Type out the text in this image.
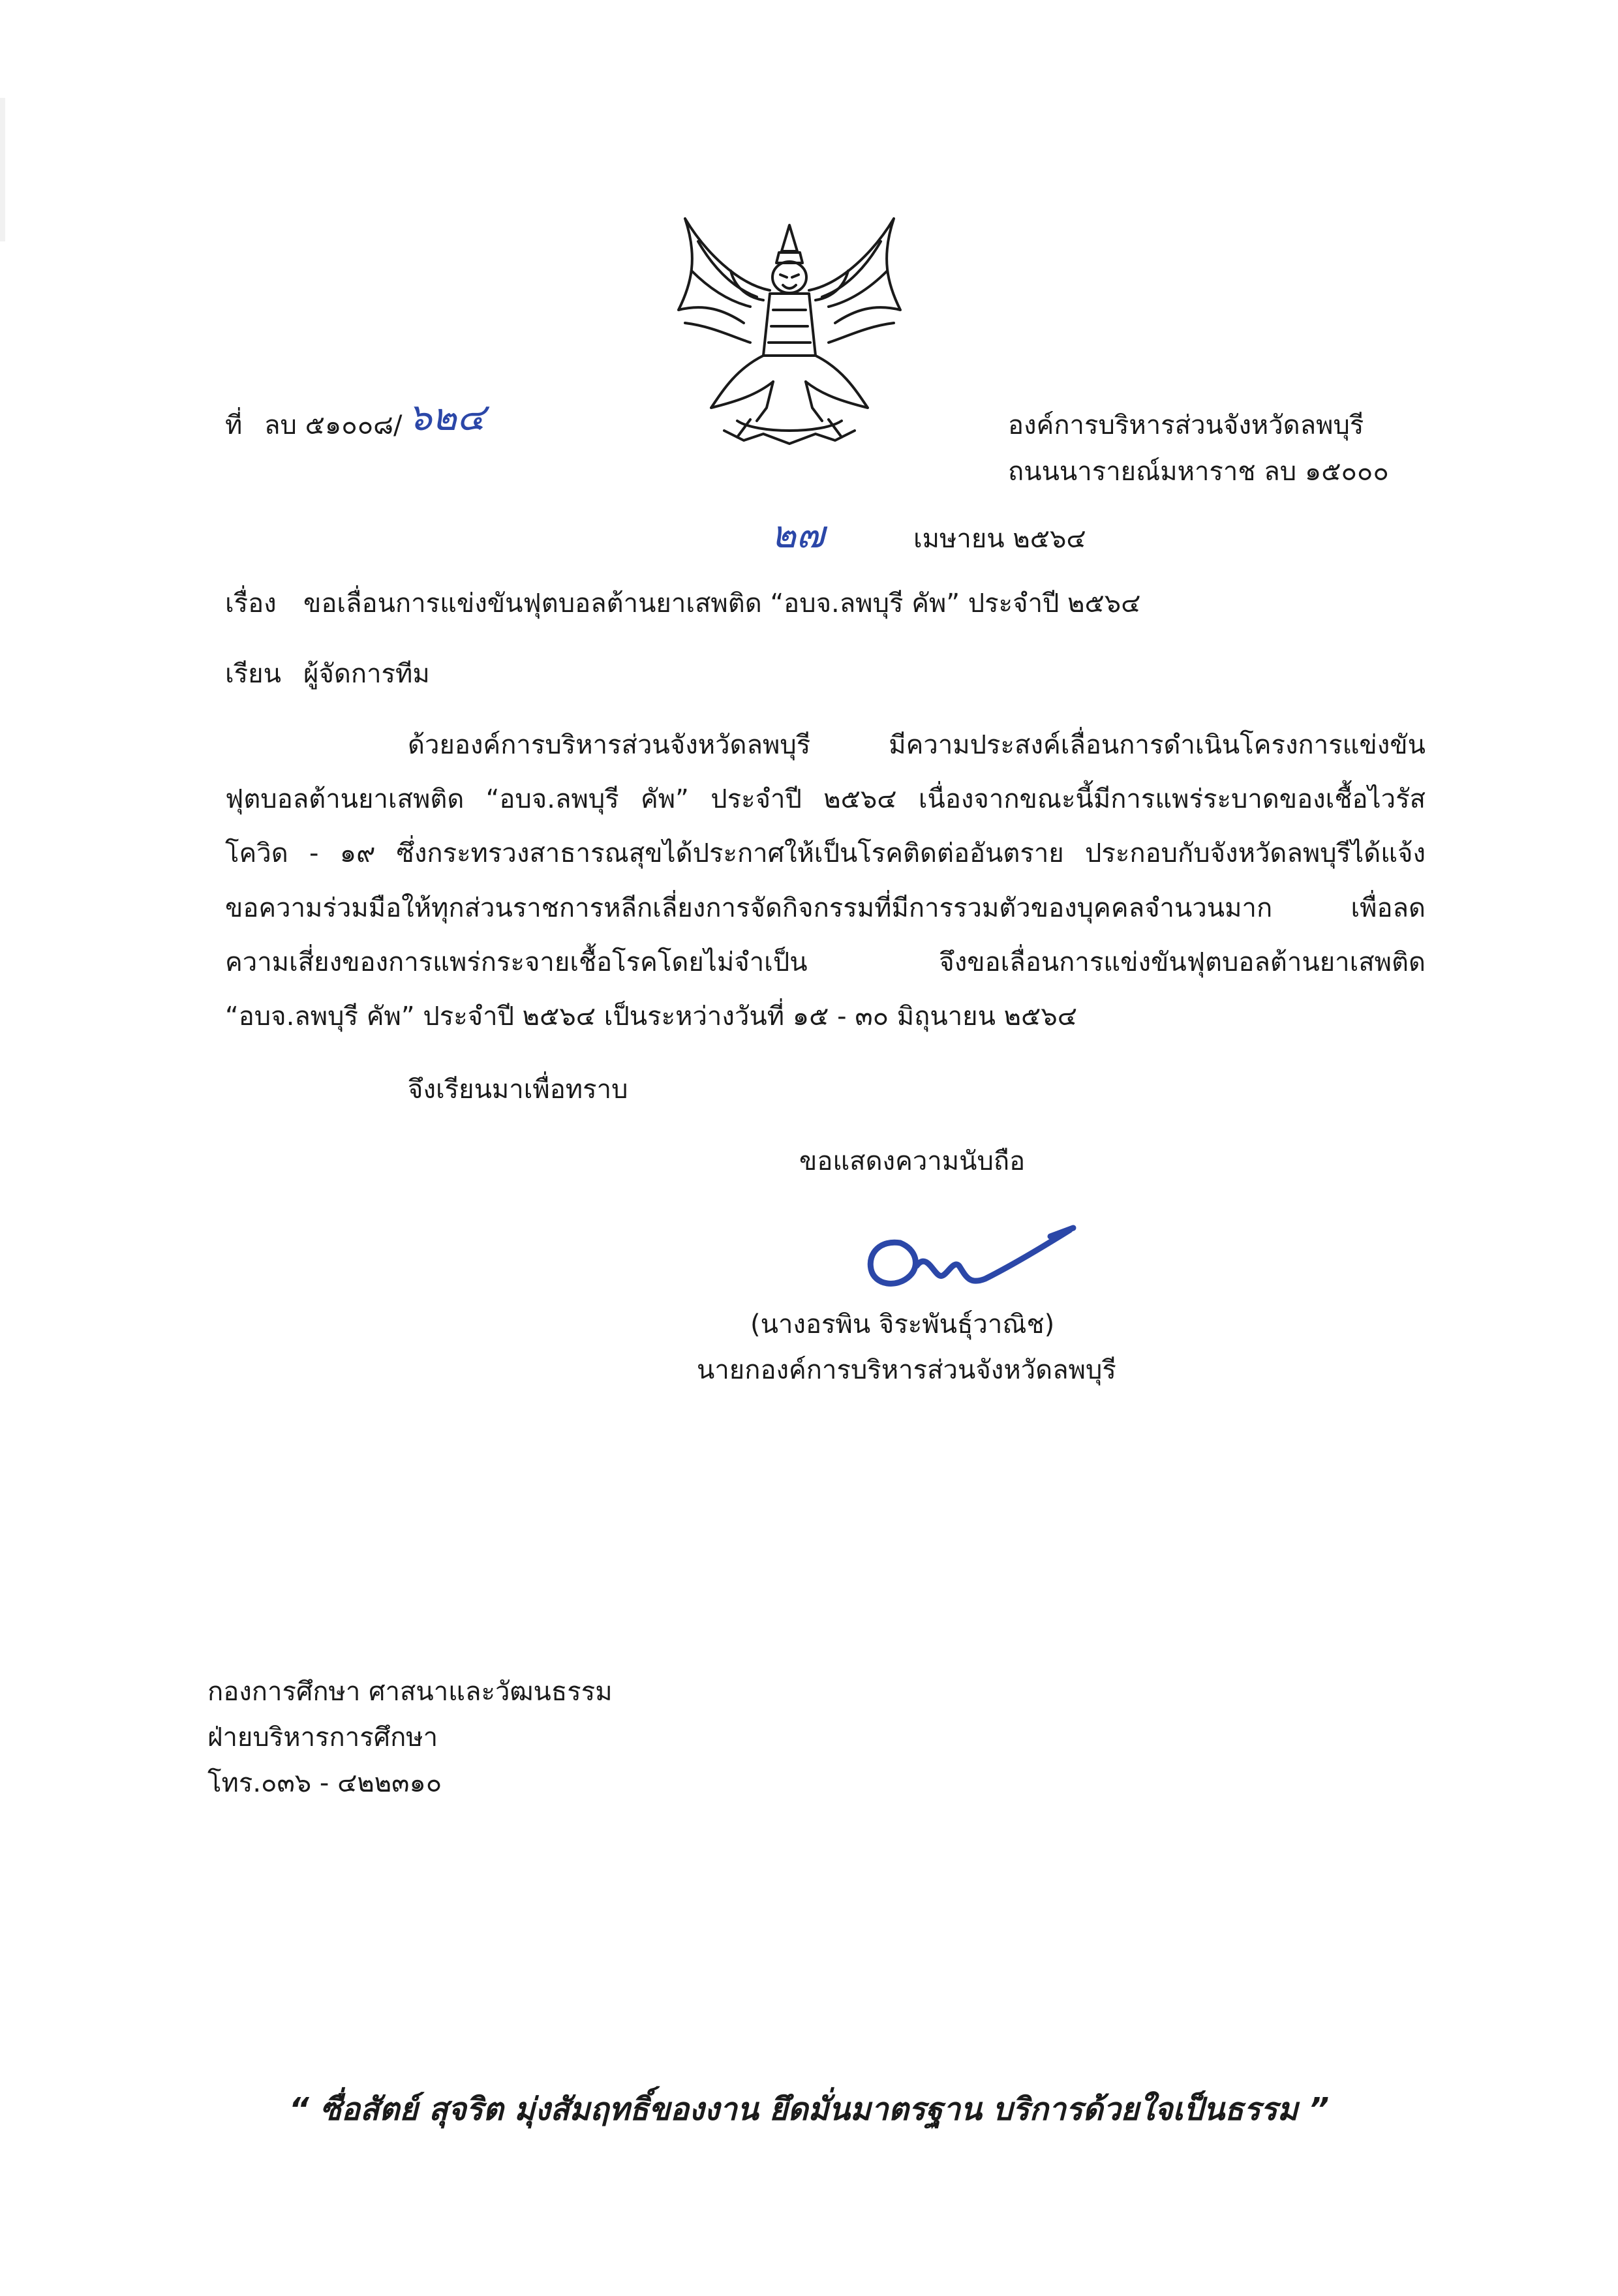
ที่ ลบ ๕๑๐๐๘/ ๖๒๔	องค์การบริหารส่วนจังหวัดลพบุรี
ถนนนารายณ์มหาราช ลบ ๑๕๐๐๐
๒๗	เมษายน ๒๕๖๔
เรื่อง ขอเลื่อนการแข่งขันฟุตบอลต้านยาเสพติด “อบจ.ลพบุรี คัพ” ประจำปี ๒๕๖๔
เรียน ผู้จัดการทีม
ด้วยองค์การบริหารส่วนจังหวัดลพบุรี มีความประสงค์เลื่อนการดำเนินโครงการแข่งขัน
ฟุตบอลต้านยาเสพติด “อบจ.ลพบุรี คัพ” ประจำปี ๒๕๖๔ เนื่องจากขณะนี้มีการแพร่ระบาดของเชื้อไวรัส
โควิด - ๑๙ ซึ่งกระทรวงสาธารณสุขได้ประกาศให้เป็นโรคติดต่ออันตราย ประกอบกับจังหวัดลพบุรีได้แจ้ง
ขอความร่วมมือให้ทุกส่วนราชการหลีกเลี่ยงการจัดกิจกรรมที่มีการรวมตัวของบุคคลจำนวนมาก เพื่อลด
ความเสี่ยงของการแพร่กระจายเชื้อโรคโดยไม่จำเป็น จึงขอเลื่อนการแข่งขันฟุตบอลต้านยาเสพติด
“อบจ.ลพบุรี คัพ” ประจำปี ๒๕๖๔ เป็นระหว่างวันที่ ๑๕ - ๓๐ มิถุนายน ๒๕๖๔
จึงเรียนมาเพื่อทราบ
ขอแสดงความนับถือ
(นางอรพิน จิระพันธุ์วาณิช)
นายกองค์การบริหารส่วนจังหวัดลพบุรี
กองการศึกษา ศาสนาและวัฒนธรรม
ฝ่ายบริหารการศึกษา
โทร.๐๓๖ - ๔๒๒๓๑๐
“ ซื่อสัตย์ สุจริต มุ่งสัมฤทธิ์ของงาน ยึดมั่นมาตรฐาน บริการด้วยใจเป็นธรรม ”
